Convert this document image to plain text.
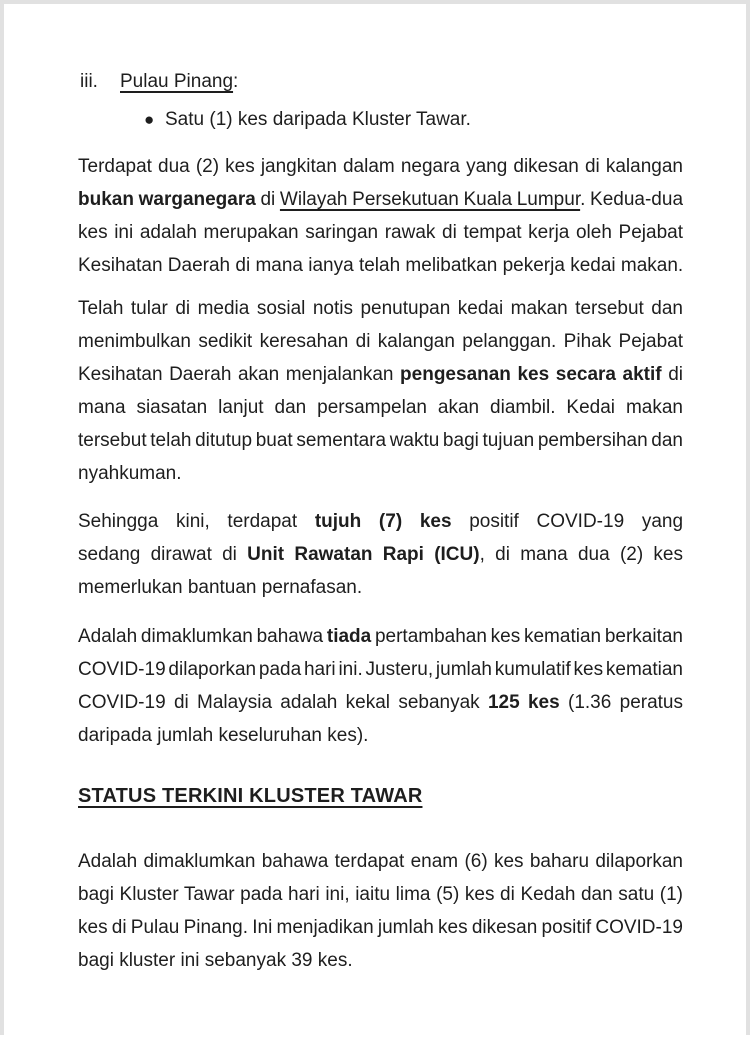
iii.	Pulau Pinang:
● Satu (1) kes daripada Kluster Tawar.
Terdapat dua (2) kes jangkitan dalam negara yang dikesan di kalangan
bukan warganegara di Wilayah Persekutuan Kuala Lumpur. Kedua-dua
kes ini adalah merupakan saringan rawak di tempat kerja oleh Pejabat
Kesihatan Daerah di mana ianya telah melibatkan pekerja kedai makan.
Telah tular di media sosial notis penutupan kedai makan tersebut dan
menimbulkan sedikit keresahan di kalangan pelanggan. Pihak Pejabat
Kesihatan Daerah akan menjalankan pengesanan kes secara aktif di
mana siasatan lanjut dan persampelan akan diambil. Kedai makan
tersebut telah ditutup buat sementara waktu bagi tujuan pembersihan dan
nyahkuman.
Sehingga kini, terdapat tujuh (7) kes positif COVID-19 yang
sedang dirawat di Unit Rawatan Rapi (ICU), di mana dua (2) kes
memerlukan bantuan pernafasan.
Adalah dimaklumkan bahawa tiada pertambahan kes kematian berkaitan
COVID-19 dilaporkan pada hari ini. Justeru, jumlah kumulatif kes kematian
COVID-19 di Malaysia adalah kekal sebanyak 125 kes (1.36 peratus
daripada jumlah keseluruhan kes).
STATUS TERKINI KLUSTER TAWAR
Adalah dimaklumkan bahawa terdapat enam (6) kes baharu dilaporkan
bagi Kluster Tawar pada hari ini, iaitu lima (5) kes di Kedah dan satu (1)
kes di Pulau Pinang. Ini menjadikan jumlah kes dikesan positif COVID-19
bagi kluster ini sebanyak 39 kes.
